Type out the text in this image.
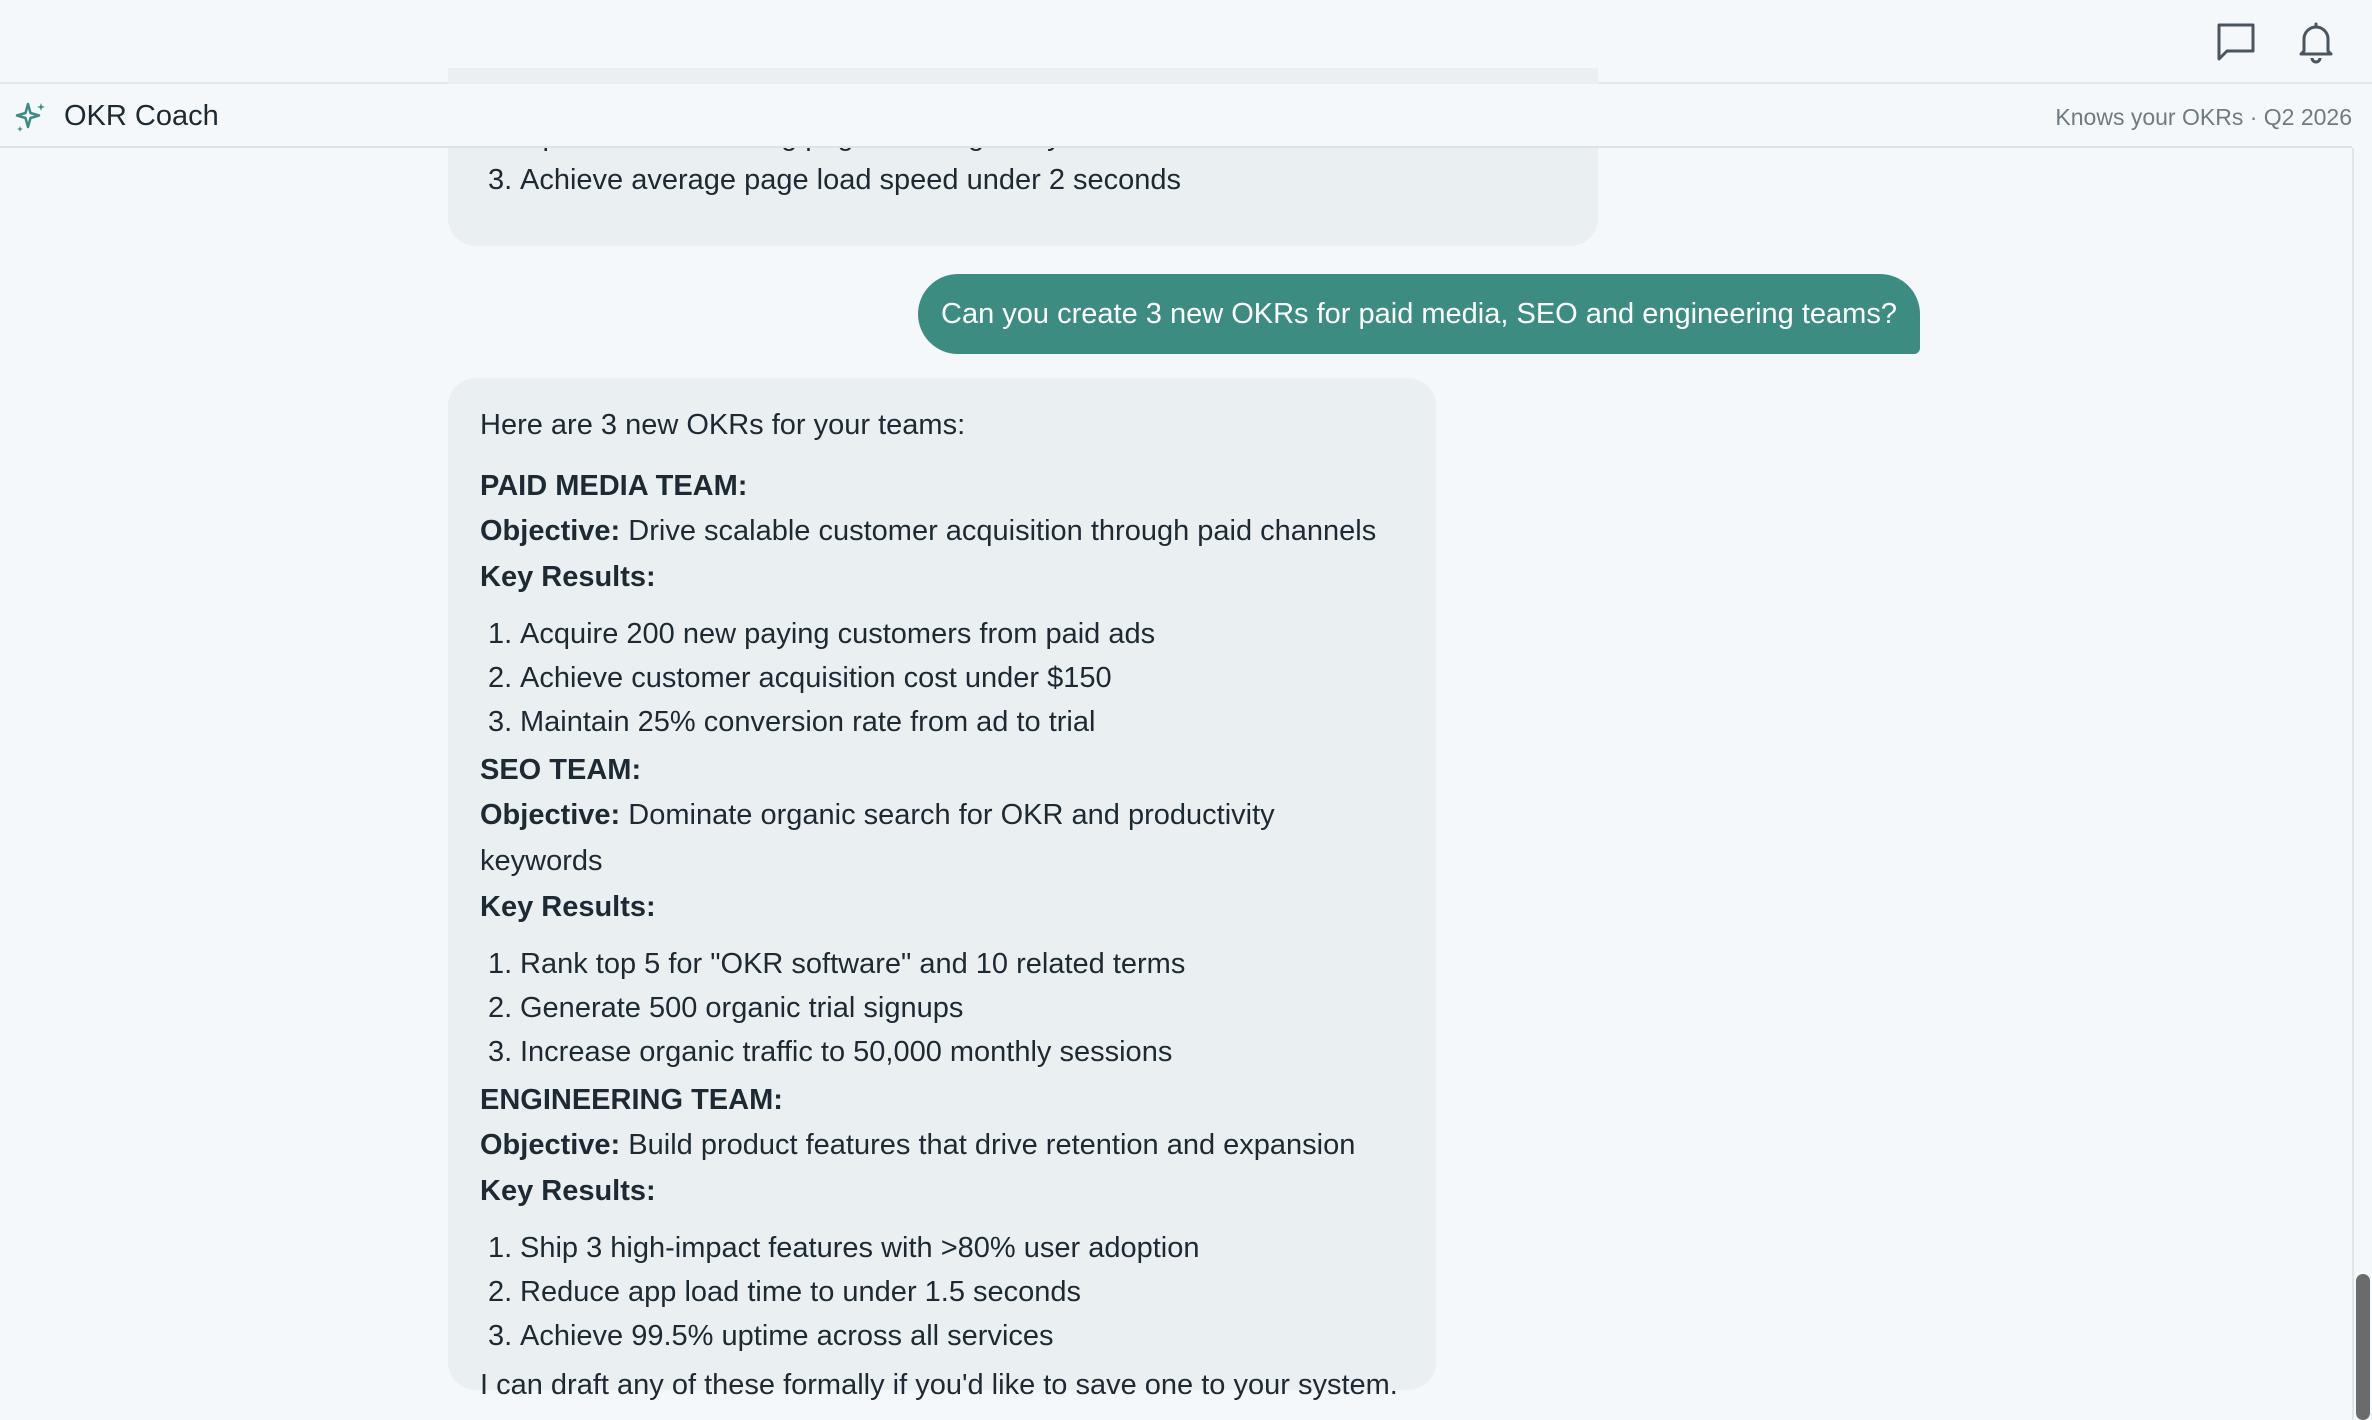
OKR Coach	Knows your OKRs · Q2 2026
3. Achieve average page load speed under 2 seconds
Can you create 3 new OKRs for paid media, SEO and engineering teams?
Here are 3 new OKRs for your teams:
PAID MEDIA TEAM:
Objective: Drive scalable customer acquisition through paid channels
Key Results:
1. Acquire 200 new paying customers from paid ads
2. Achieve customer acquisition cost under $150
3. Maintain 25% conversion rate from ad to trial
SEO TEAM:
Objective: Dominate organic search for OKR and productivity keywords
Key Results:
1. Rank top 5 for "OKR software" and 10 related terms
2. Generate 500 organic trial signups
3. Increase organic traffic to 50,000 monthly sessions
ENGINEERING TEAM:
Objective: Build product features that drive retention and expansion
Key Results:
1. Ship 3 high-impact features with >80% user adoption
2. Reduce app load time to under 1.5 seconds
3. Achieve 99.5% uptime across all services
I can draft any of these formally if you'd like to save one to your system.
